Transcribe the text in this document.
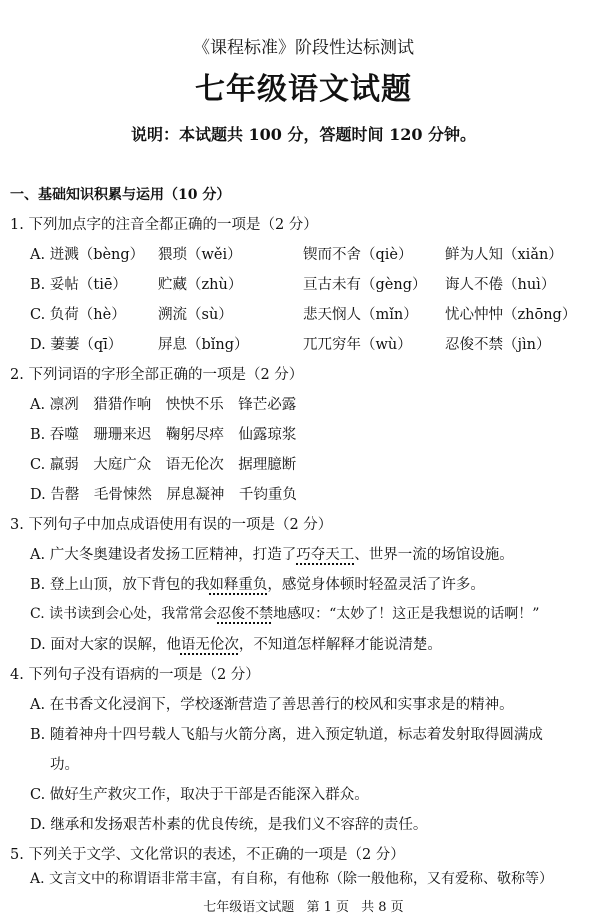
《课程标准》阶段性达标测试
七年级语文试题
说明：本试题共 100 分，答题时间 120 分钟。
一、基础知识积累与运用（10 分）
1. 下列加点字的注音全都正确的一项是（2 分）
A. 迸溅（bèng） 猥琐（wěi）	锲而不舍（qiè） 鲜为人知（xiǎn）
B. 妥帖（tiē） 贮藏（zhù）	亘古未有（gèng） 诲人不倦（huì）
C. 负荷（hè） 溯流（sù）	悲天悯人（mǐn） 忧心忡忡（zhōng）
D. 萋萋（qī） 屏息（bǐng）	兀兀穷年（wù） 忍俊不禁（jìn）
2. 下列词语的字形全部正确的一项是（2 分）
A. 凛冽　猎猎作响　怏怏不乐　锋芒必露
B. 吞噬　珊珊来迟　鞠躬尽瘁　仙露琼浆
C. 羸弱　大庭广众　语无伦次　据理臆断
D. 告罄　毛骨悚然　屏息凝神　千钧重负
3. 下列句子中加点成语使用有误的一项是（2 分）
A. 广大冬奥建设者发扬工匠精神，打造了巧夺天工、世界一流的场馆设施。
B. 登上山顶，放下背包的我如释重负，感觉身体顿时轻盈灵活了许多。
C. 读书读到会心处，我常常会忍俊不禁地感叹：“太妙了！这正是我想说的话啊！”
D. 面对大家的误解，他语无伦次，不知道怎样解释才能说清楚。
4. 下列句子没有语病的一项是（2 分）
A. 在书香文化浸润下，学校逐渐营造了善思善行的校风和实事求是的精神。
B. 随着神舟十四号载人飞船与火箭分离，进入预定轨道，标志着发射取得圆满成
功。
C. 做好生产救灾工作，取决于干部是否能深入群众。
D. 继承和发扬艰苦朴素的优良传统，是我们义不容辞的责任。
5. 下列关于文学、文化常识的表述，不正确的一项是（2 分）
A. 文言文中的称谓语非常丰富，有自称，有他称（除一般他称，又有爱称、敬称等）
七年级语文试题 第 1 页 共 8 页
